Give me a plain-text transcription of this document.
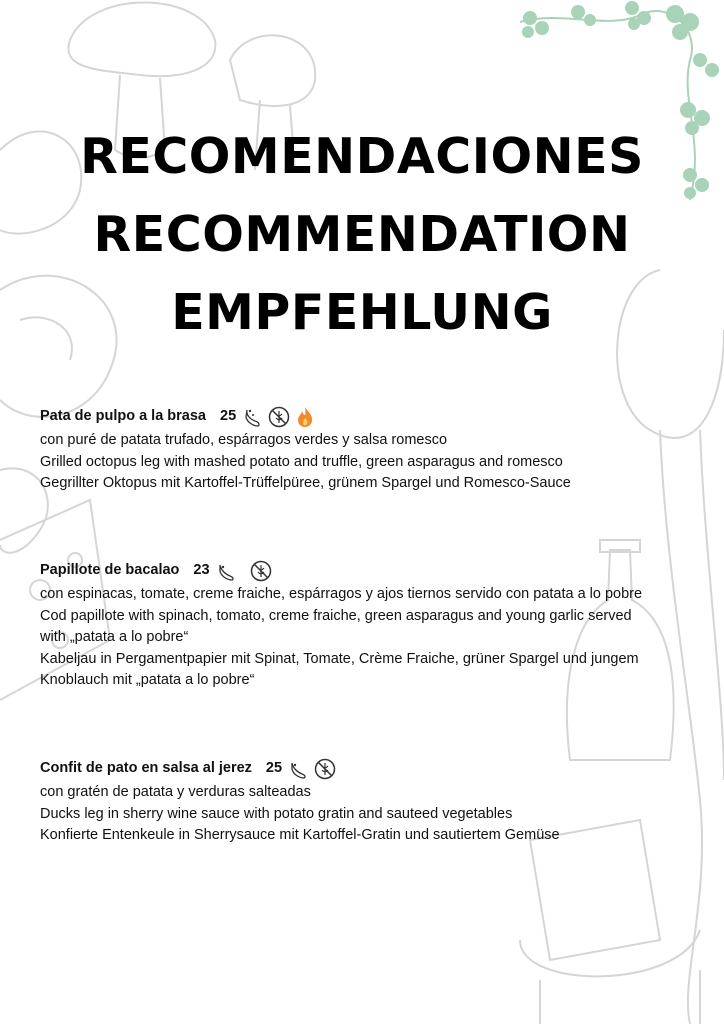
RECOMENDACIONES
RECOMMENDATION
EMPFEHLUNG
Pata de pulpo a la brasa 25
con puré de patata trufado, espárragos verdes y salsa romesco
Grilled octopus leg with mashed potato and truffle, green asparagus and romesco
Gegrillter Oktopus mit Kartoffel-Trüffelpüree, grünem Spargel und Romesco-Sauce
Papillote de bacalao 23
con espinacas, tomate, creme fraiche, espárragos y ajos tiernos servido con patata a lo pobre
Cod papillote with spinach, tomato, creme fraiche, green asparagus and young garlic served
with „patata a lo pobre“
Kabeljau in Pergamentpapier mit Spinat, Tomate, Crème Fraiche, grüner Spargel und jungem
Knoblauch mit „patata a lo pobre“
Confit de pato en salsa al jerez 25
con gratén de patata y verduras salteadas
Ducks leg in sherry wine sauce with potato gratin and sauteed vegetables
Konfierte Entenkeule in Sherrysauce mit Kartoffel-Gratin und sautiertem Gemüse
